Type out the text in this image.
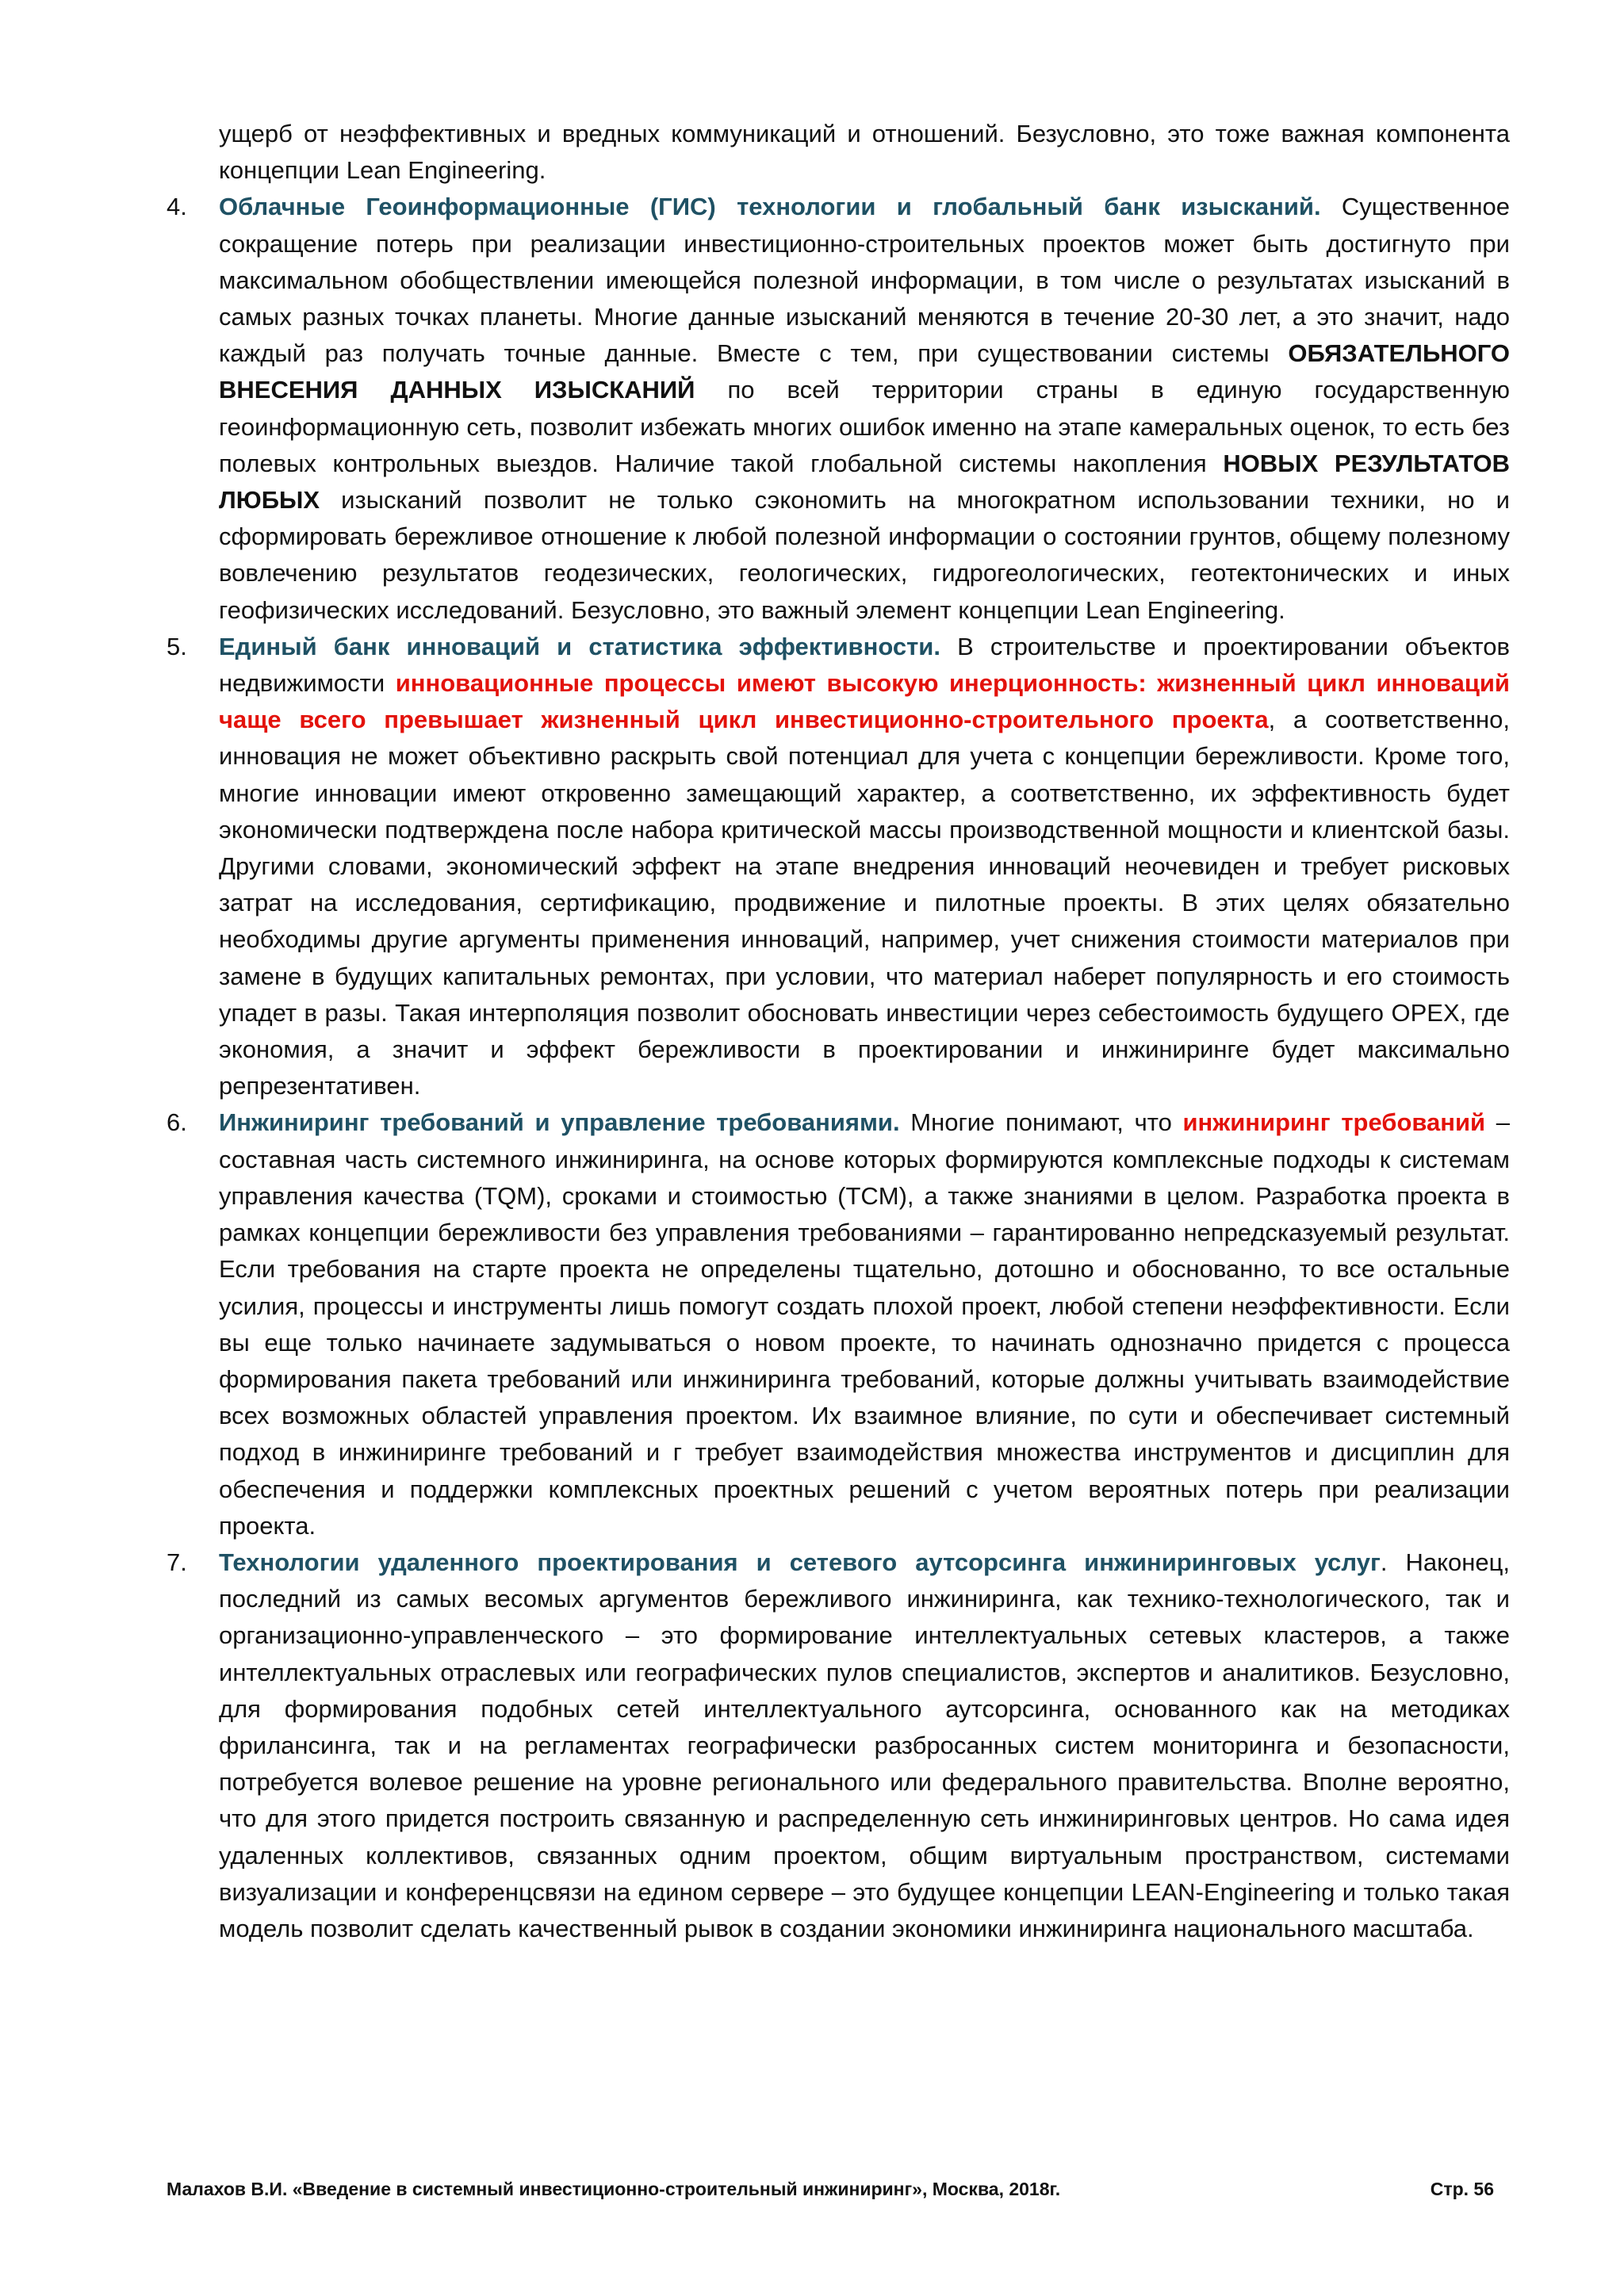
ущерб от неэффективных и вредных коммуникаций и отношений. Безусловно, это тоже важная компонента концепции Lean Engineering.

4. Облачные Геоинформационные (ГИС) технологии и глобальный банк изысканий. Существенное сокращение потерь при реализации инвестиционно-строительных проектов может быть достигнуто при максимальном обобществлении имеющейся полезной информации, в том числе о результатах изысканий в самых разных точках планеты. Многие данные изысканий меняются в течение 20-30 лет, а это значит, надо каждый раз получать точные данные. Вместе с тем, при существовании системы ОБЯЗАТЕЛЬНОГО ВНЕСЕНИЯ ДАННЫХ ИЗЫСКАНИЙ по всей территории страны в единую государственную геоинформационную сеть, позволит избежать многих ошибок именно на этапе камеральных оценок, то есть без полевых контрольных выездов. Наличие такой глобальной системы накопления НОВЫХ РЕЗУЛЬТАТОВ ЛЮБЫХ изысканий позволит не только сэкономить на многократном использовании техники, но и сформировать бережливое отношение к любой полезной информации о состоянии грунтов, общему полезному вовлечению результатов геодезических, геологических, гидрогеологических, геотектонических и иных геофизических исследований. Безусловно, это важный элемент концепции Lean Engineering.

5. Единый банк инноваций и статистика эффективности. В строительстве и проектировании объектов недвижимости инновационные процессы имеют высокую инерционность: жизненный цикл инноваций чаще всего превышает жизненный цикл инвестиционно-строительного проекта, а соответственно, инновация не может объективно раскрыть свой потенциал для учета с концепции бережливости. Кроме того, многие инновации имеют откровенно замещающий характер, а соответственно, их эффективность будет экономически подтверждена после набора критической массы производственной мощности и клиентской базы. Другими словами, экономический эффект на этапе внедрения инноваций неочевиден и требует рисковых затрат на исследования, сертификацию, продвижение и пилотные проекты. В этих целях обязательно необходимы другие аргументы применения инноваций, например, учет снижения стоимости материалов при замене в будущих капитальных ремонтах, при условии, что материал наберет популярность и его стоимость упадет в разы. Такая интерполяция позволит обосновать инвестиции через себестоимость будущего OPEX, где экономия, а значит и эффект бережливости в проектировании и инжиниринге будет максимально репрезентативен.

6. Инжиниринг требований и управление требованиями. Многие понимают, что инжиниринг требований – составная часть системного инжиниринга, на основе которых формируются комплексные подходы к системам управления качества (TQM), сроками и стоимостью (TCM), а также знаниями в целом. Разработка проекта в рамках концепции бережливости без управления требованиями – гарантированно непредсказуемый результат. Если требования на старте проекта не определены тщательно, дотошно и обоснованно, то все остальные усилия, процессы и инструменты лишь помогут создать плохой проект, любой степени неэффективности. Если вы еще только начинаете задумываться о новом проекте, то начинать однозначно придется с процесса формирования пакета требований или инжиниринга требований, которые должны учитывать взаимодействие всех возможных областей управления проектом. Их взаимное влияние, по сути и обеспечивает системный подход в инжиниринге требований и г требует взаимодействия множества инструментов и дисциплин для обеспечения и поддержки комплексных проектных решений с учетом вероятных потерь при реализации проекта.

7. Технологии удаленного проектирования и сетевого аутсорсинга инжиниринговых услуг. Наконец, последний из самых весомых аргументов бережливого инжиниринга, как технико-технологического, так и организационно-управленческого – это формирование интеллектуальных сетевых кластеров, а также интеллектуальных отраслевых или географических пулов специалистов, экспертов и аналитиков. Безусловно, для формирования подобных сетей интеллектуального аутсорсинга, основанного как на методиках фрилансинга, так и на регламентах географически разбросанных систем мониторинга и безопасности, потребуется волевое решение на уровне регионального или федерального правительства. Вполне вероятно, что для этого придется построить связанную и распределенную сеть инжиниринговых центров. Но сама идея удаленных коллективов, связанных одним проектом, общим виртуальным пространством, системами визуализации и конференцсвязи на едином сервере – это будущее концепции LEAN-Engineering и только такая модель позволит сделать качественный рывок в создании экономики инжиниринга национального масштаба.

Малахов В.И. «Введение в системный инвестиционно-строительный инжиниринг», Москва, 2018г.	Стр. 56
